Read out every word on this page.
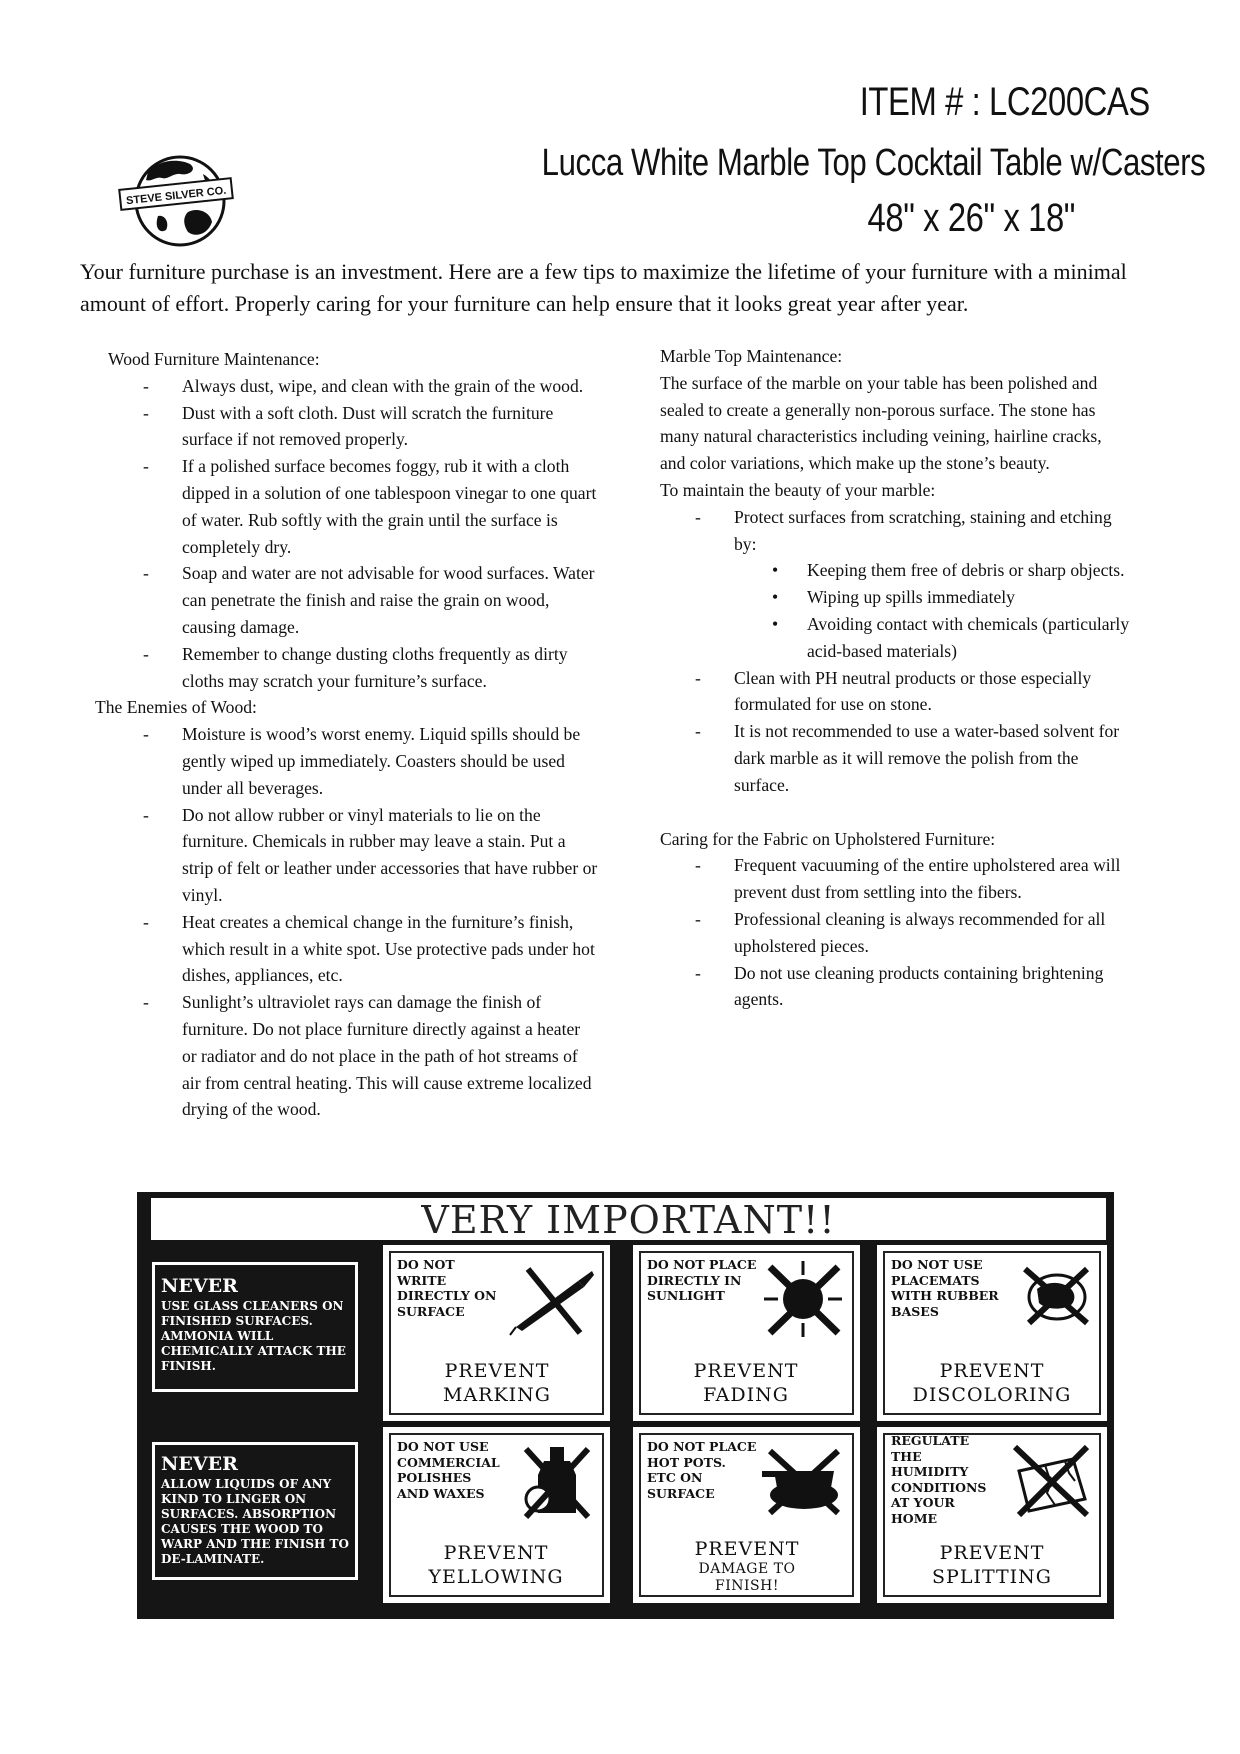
ITEM # : LC200CAS
Lucca White Marble Top Cocktail Table w/Casters
48" x 26" x 18"
STEVE SILVER CO.

Your furniture purchase is an investment. Here are a few tips to maximize the lifetime of your furniture with a minimal amount of effort. Properly caring for your furniture can help ensure that it looks great year after year.

Wood Furniture Maintenance:

- Always dust, wipe, and clean with the grain of the wood.
- Dust with a soft cloth. Dust will scratch the furniture surface if not removed properly.
- If a polished surface becomes foggy, rub it with a cloth dipped in a solution of one tablespoon vinegar to one quart of water. Rub softly with the grain until the surface is completely dry.
- Soap and water are not advisable for wood surfaces. Water can penetrate the finish and raise the grain on wood, causing damage.
- Remember to change dusting cloths frequently as dirty cloths may scratch your furniture’s surface.

The Enemies of Wood:

- Moisture is wood’s worst enemy. Liquid spills should be gently wiped up immediately. Coasters should be used under all beverages.
- Do not allow rubber or vinyl materials to lie on the furniture. Chemicals in rubber may leave a stain. Put a strip of felt or leather under accessories that have rubber or vinyl.
- Heat creates a chemical change in the furniture’s finish, which result in a white spot. Use protective pads under hot dishes, appliances, etc.
- Sunlight’s ultraviolet rays can damage the finish of furniture. Do not place furniture directly against a heater or radiator and do not place in the path of hot streams of air from central heating. This will cause extreme localized drying of the wood.

Marble Top Maintenance:

The surface of the marble on your table has been polished and sealed to create a generally non-porous surface. The stone has many natural characteristics including veining, hairline cracks, and color variations, which make up the stone’s beauty.

To maintain the beauty of your marble:

- Protect surfaces from scratching, staining and etching by:
• Keeping them free of debris or sharp objects.
• Wiping up spills immediately
• Avoiding contact with chemicals (particularly acid-based materials)
- Clean with PH neutral products or those especially formulated for use on stone.
- It is not recommended to use a water-based solvent for dark marble as it will remove the polish from the surface.

Caring for the Fabric on Upholstered Furniture:

- Frequent vacuuming of the entire upholstered area will prevent dust from settling into the fibers.
- Professional cleaning is always recommended for all upholstered pieces.
- Do not use cleaning products containing brightening agents.
VERY IMPORTANT!!
NEVER
USE GLASS CLEANERS ON FINISHED SURFACES. AMMONIA WILL CHEMICALLY ATTACK THE FINISH.
NEVER
ALLOW LIQUIDS OF ANY KIND TO LINGER ON SURFACES. ABSORPTION CAUSES THE WOOD TO WARP AND THE FINISH TO DE-LAMINATE.
DO NOT WRITE DIRECTLY ON SURFACE
PREVENT MARKING
DO NOT PLACE DIRECTLY IN SUNLIGHT
PREVENT FADING
DO NOT USE PLACEMATS WITH RUBBER BASES
PREVENT DISCOLORING
DO NOT USE COMMERCIAL POLISHES AND WAXES
PREVENT YELLOWING
DO NOT PLACE HOT POTS. ETC ON SURFACE
PREVENT
DAMAGE TO FINISH!
REGULATE THE HUMIDITY CONDITIONS AT YOUR HOME
PREVENT SPLITTING
